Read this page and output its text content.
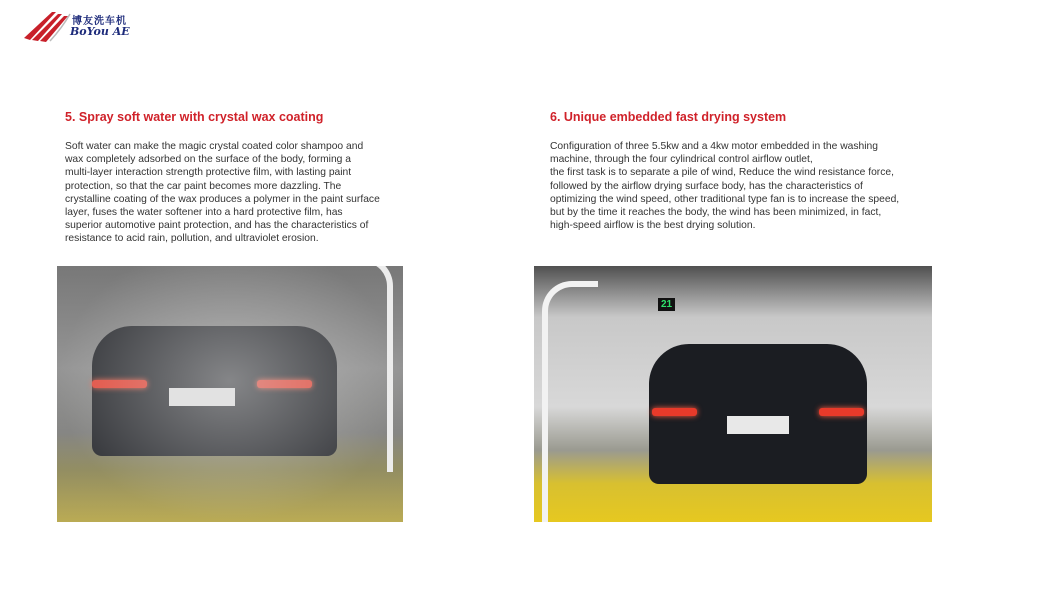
博友洗车机
BoYou AE
5. Spray soft water with crystal wax coating
Soft water can make the magic crystal coated color shampoo and
wax completely adsorbed on the surface of the body, forming a
multi-layer interaction strength protective film, with lasting paint
protection, so that the car paint becomes more dazzling. The
crystalline coating of the wax produces a polymer in the paint surface
layer, fuses the water softener into a hard protective film, has
superior automotive paint protection, and has the characteristics of
resistance to acid rain, pollution, and ultraviolet erosion.
6. Unique embedded fast drying system
Configuration of three 5.5kw and a 4kw motor embedded in the washing
machine, through the four cylindrical control airflow outlet,
the first task is to separate a pile of wind, Reduce the wind resistance force,
followed by the airflow drying surface body, has the characteristics of
optimizing the wind speed, other traditional type fan is to increase the speed,
but by the time it reaches the body, the wind has been minimized, in fact,
high-speed airflow is the best drying solution.
21
